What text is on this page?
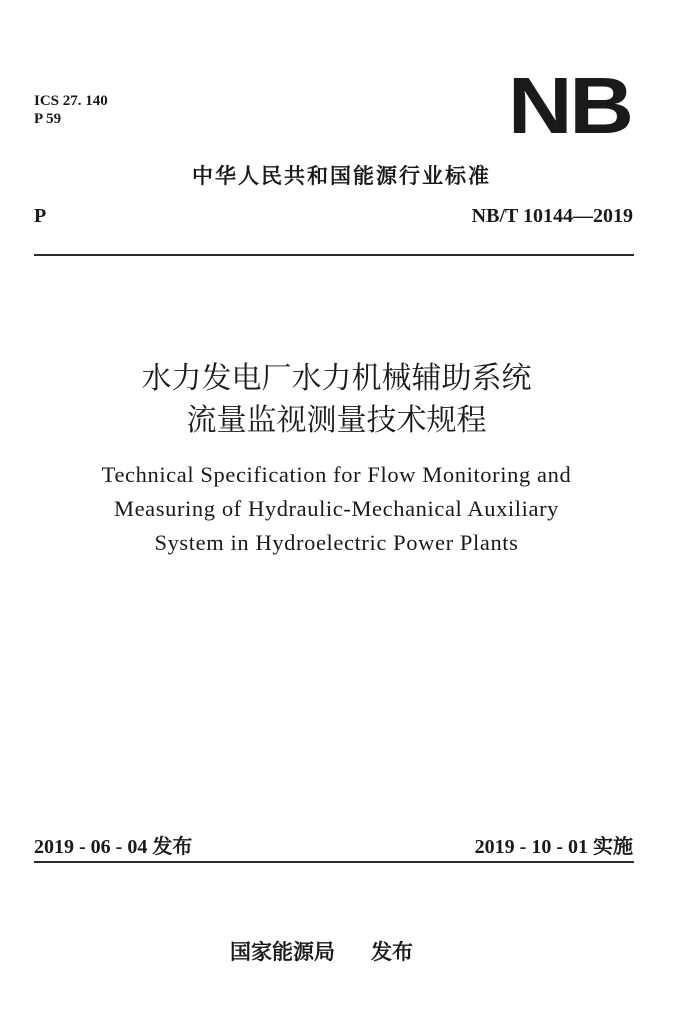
ICS 27. 140
P 59	NB
中华人民共和国能源行业标准
P	NB/T 10144—2019
水力发电厂水力机械辅助系统
流量监视测量技术规程
Technical Specification for Flow Monitoring and
Measuring of Hydraulic-Mechanical Auxiliary
System in Hydroelectric Power Plants
2019 - 06 - 04 发布	2019 - 10 - 01 实施
国家能源局 发布
